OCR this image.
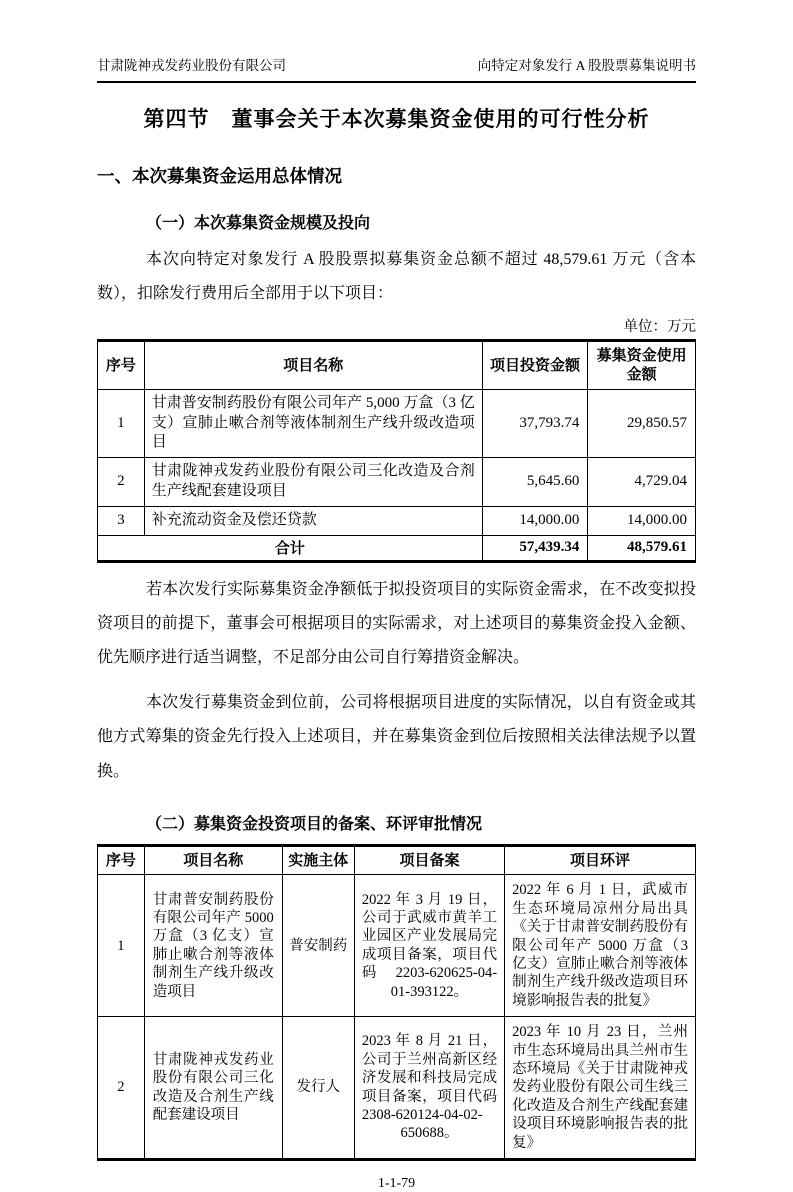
甘肃陇神戎发药业股份有限公司	向特定对象发行 A 股股票募集说明书
第四节　董事会关于本次募集资金使用的可行性分析
一、本次募集资金运用总体情况
（一）本次募集资金规模及投向
本次向特定对象发行 A 股股票拟募集资金总额不超过 48,579.61 万元（含本数），扣除发行费用后全部用于以下项目：
单位：万元
序号	项目名称	项目投资金额	募集资金使用金额
1	甘肃普安制药股份有限公司年产 5,000 万盒（3 亿支）宣肺止嗽合剂等液体制剂生产线升级改造项目	37,793.74	29,850.57
2	甘肃陇神戎发药业股份有限公司三化改造及合剂生产线配套建设项目	5,645.60	4,729.04
3	补充流动资金及偿还贷款	14,000.00	14,000.00
合计		57,439.34	48,579.61
若本次发行实际募集资金净额低于拟投资项目的实际资金需求，在不改变拟投资项目的前提下，董事会可根据项目的实际需求，对上述项目的募集资金投入金额、优先顺序进行适当调整，不足部分由公司自行筹措资金解决。
本次发行募集资金到位前，公司将根据项目进度的实际情况，以自有资金或其他方式筹集的资金先行投入上述项目，并在募集资金到位后按照相关法律法规予以置换。
（二）募集资金投资项目的备案、环评审批情况
序号	项目名称	实施主体	项目备案	项目环评
1	甘肃普安制药股份有限公司年产 5000 万盒（3 亿支）宣肺止嗽合剂等液体制剂生产线升级改造项目	普安制药	2022 年 3 月 19 日，公司于武威市黄羊工业园区产业发展局完成项目备案，项目代码 2203-620625-04-01-393122。	2022 年 6 月 1 日，武威市生态环境局凉州分局出具《关于甘肃普安制药股份有限公司年产 5000 万盒（3 亿支）宣肺止嗽合剂等液体制剂生产线升级改造项目环境影响报告表的批复》
2	甘肃陇神戎发药业股份有限公司三化改造及合剂生产线配套建设项目	发行人	2023 年 8 月 21 日，公司于兰州高新区经济发展和科技局完成项目备案，项目代码 2308-620124-04-02-650688。	2023 年 10 月 23 日，兰州市生态环境局出具兰州市生态环境局《关于甘肃陇神戎发药业股份有限公司生线三化改造及合剂生产线配套建设项目环境影响报告表的批复》
1-1-79
